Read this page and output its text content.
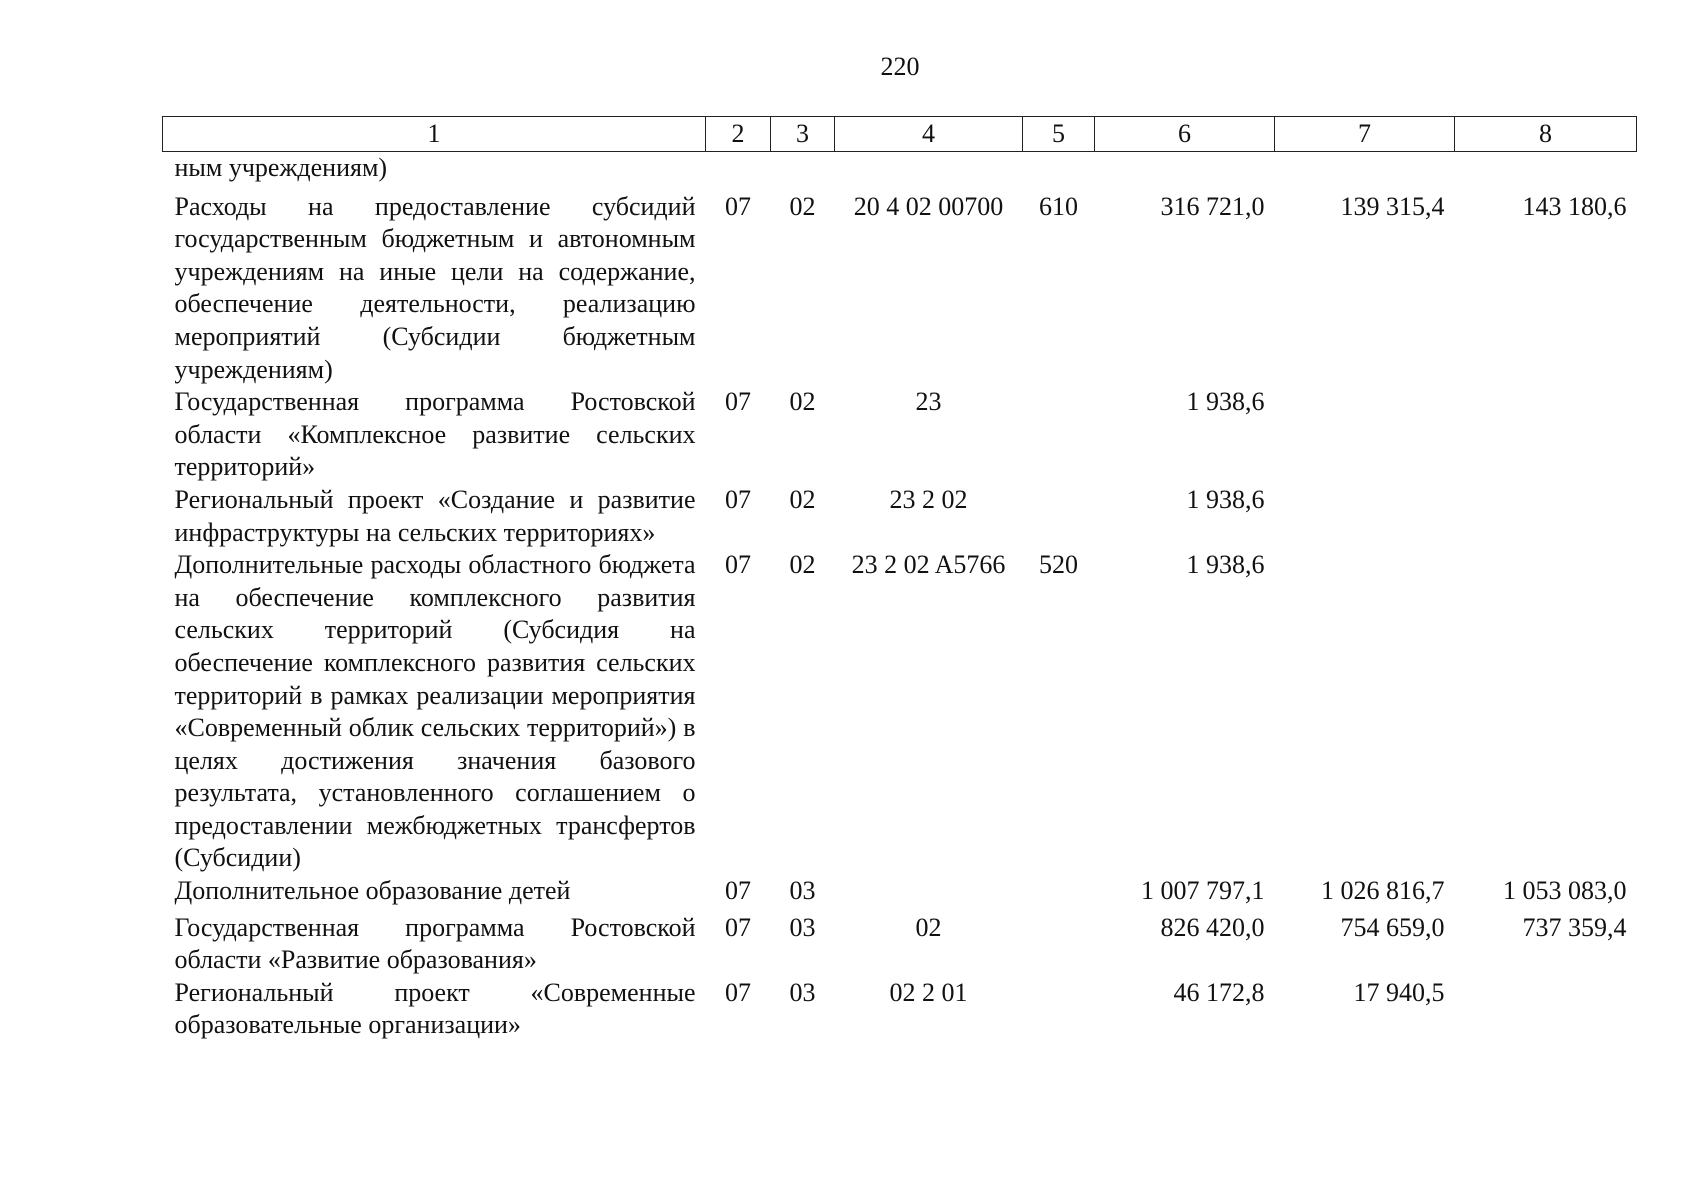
220
1	2	3	4	5	6	7	8
ным учреждениям)							
Расходы на предоставление субсидий государственным бюджетным и автономным учреждениям на иные цели на содержание, обеспечение деятельности, реализацию мероприятий (Субсидии бюджетным учреждениям)	07	02	20 4 02 00700	610	316 721,0	139 315,4	143 180,6
Государственная программа Ростовской области «Комплексное развитие сельских территорий»	07	02	23		1 938,6		
Региональный проект «Создание и развитие инфраструктуры на сельских территориях»	07	02	23 2 02		1 938,6		
Дополнительные расходы областного бюджета на обеспечение комплексного развития сельских территорий (Субсидия на обеспечение комплексного развития сельских территорий в рамках реализации мероприятия «Современный облик сельских территорий») в целях достижения значения базового результата, установленного соглашением о предоставлении межбюджетных трансфертов (Субсидии)	07	02	23 2 02 A5766	520	1 938,6		
Дополнительное образование детей	07	03			1 007 797,1	1 026 816,7	1 053 083,0
Государственная программа Ростовской области «Развитие образования»	07	03	02		826 420,0	754 659,0	737 359,4
Региональный проект «Современные образовательные организации»	07	03	02 2 01		46 172,8	17 940,5	
